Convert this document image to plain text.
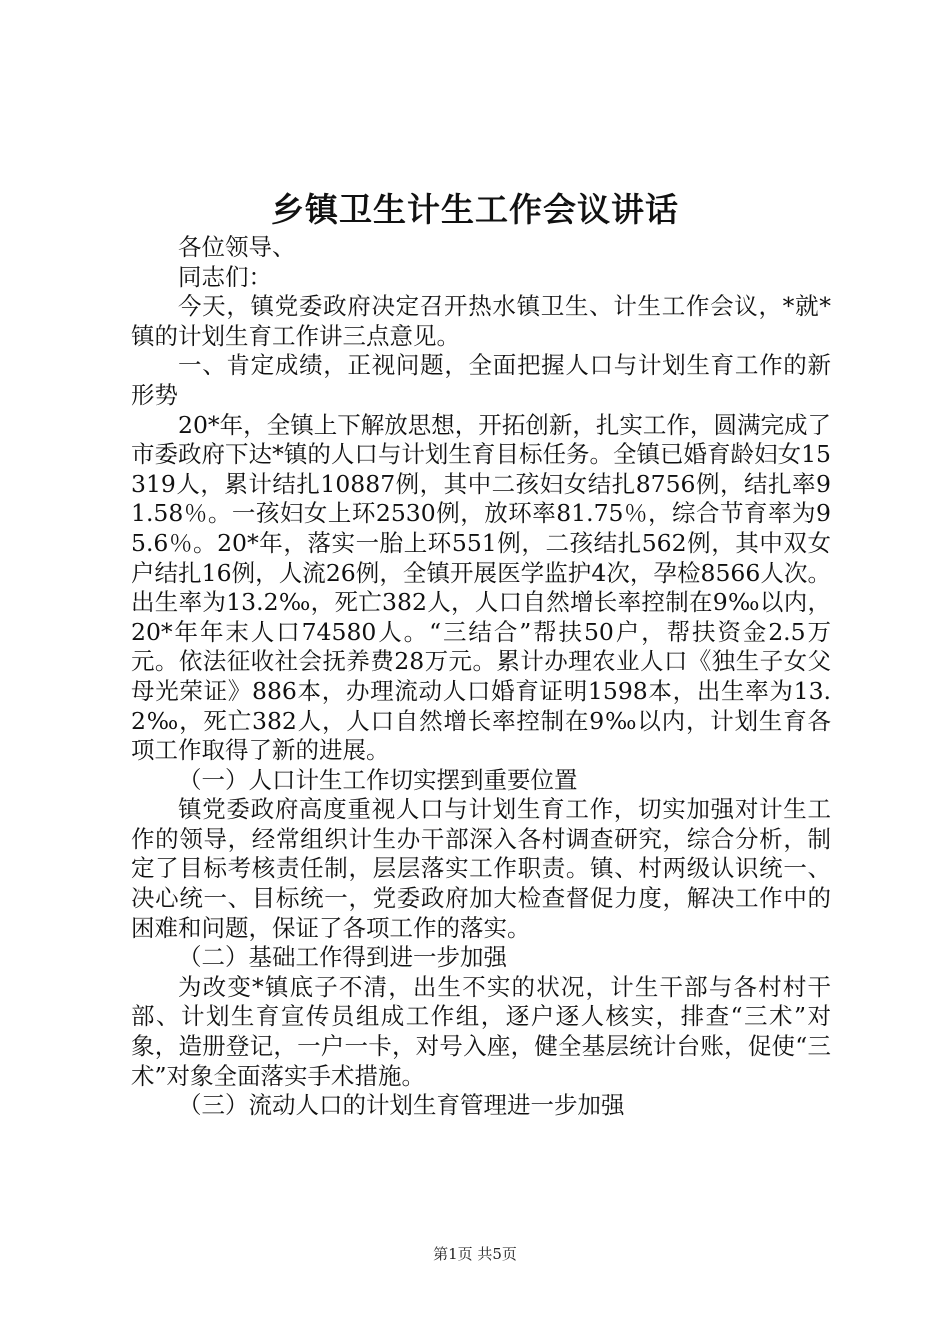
乡镇卫生计生工作会议讲话

各位领导、

同志们：

今天，镇党委政府决定召开热水镇卫生、计生工作会议，*就*镇的计划生育工作讲三点意见。

一、肯定成绩，正视问题，全面把握人口与计划生育工作的新形势

20*年，全镇上下解放思想，开拓创新，扎实工作，圆满完成了市委政府下达*镇的人口与计划生育目标任务。全镇已婚育龄妇女15319人，累计结扎10887例，其中二孩妇女结扎8756例，结扎率91.58％。一孩妇女上环2530例，放环率81.75％，综合节育率为95.6％。20*年，落实一胎上环551例，二孩结扎562例，其中双女户结扎16例，人流26例，全镇开展医学监护4次，孕检8566人次。出生率为13.2‰，死亡382人，人口自然增长率控制在9‰以内，20*年年末人口74580人。“三结合”帮扶50户，帮扶资金2.5万元。依法征收社会抚养费28万元。累计办理农业人口《独生子女父母光荣证》886本，办理流动人口婚育证明1598本，出生率为13.2‰，死亡382人，人口自然增长率控制在9‰以内，计划生育各项工作取得了新的进展。

（一）人口计生工作切实摆到重要位置

镇党委政府高度重视人口与计划生育工作，切实加强对计生工作的领导，经常组织计生办干部深入各村调查研究，综合分析，制定了目标考核责任制，层层落实工作职责。镇、村两级认识统一、决心统一、目标统一，党委政府加大检查督促力度，解决工作中的困难和问题，保证了各项工作的落实。

（二）基础工作得到进一步加强

为改变*镇底子不清，出生不实的状况，计生干部与各村村干部、计划生育宣传员组成工作组，逐户逐人核实，排查“三术”对象，造册登记，一户一卡，对号入座，健全基层统计台账，促使“三术”对象全面落实手术措施。

（三）流动人口的计划生育管理进一步加强

第1页 共5页
